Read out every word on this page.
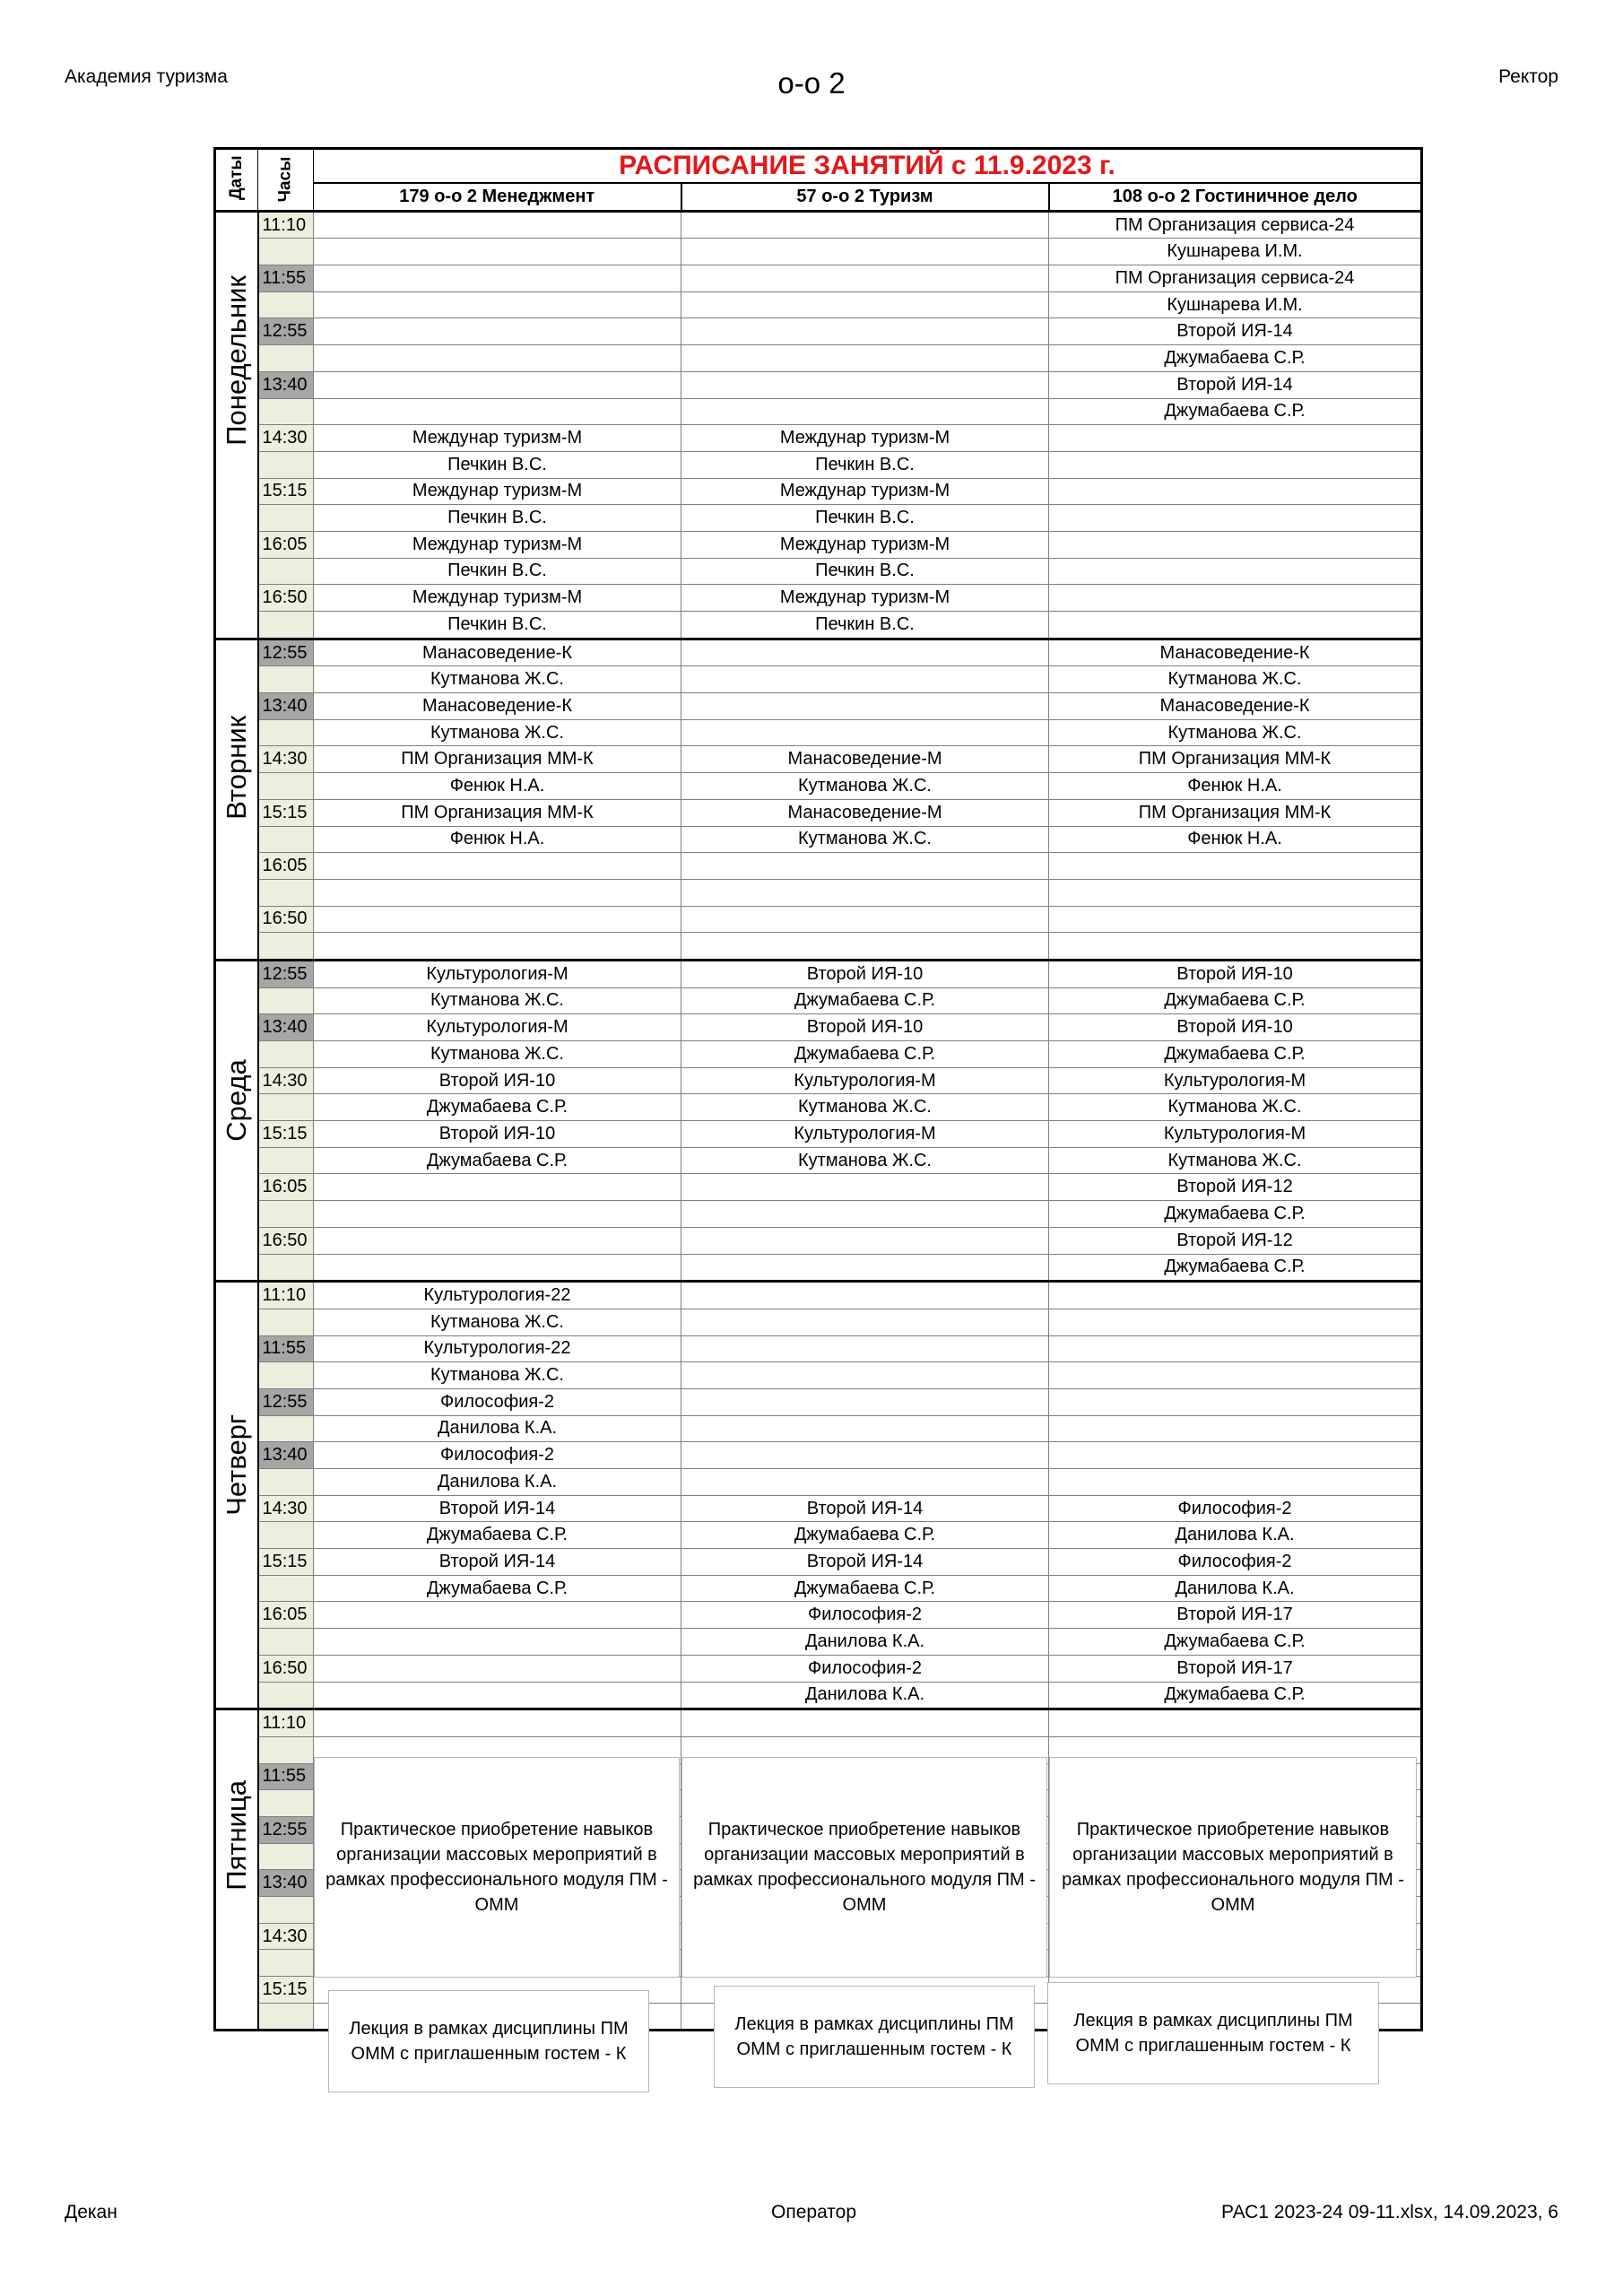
Академия туризма	о-о 2	Ректор
Даты	Часы	РАСПИСАНИЕ ЗАНЯТИЙ с 11.9.2023 г.		
		179 о-о 2 Менеджмент	57 о-о 2 Туризм	108 о-о 2 Гостиничное дело

Понедельник	11:10			ПМ Организация сервиса-24
				Кушнарева И.М.
	11:55			ПМ Организация сервиса-24
				Кушнарева И.М.
	12:55			Второй ИЯ-14
				Джумабаева С.Р.
	13:40			Второй ИЯ-14
				Джумабаева С.Р.
	14:30	Междунар туризм-М	Междунар туризм-М	
		Печкин В.С.	Печкин В.С.	
	15:15	Междунар туризм-М	Междунар туризм-М	
		Печкин В.С.	Печкин В.С.	
	16:05	Междунар туризм-М	Междунар туризм-М	
		Печкин В.С.	Печкин В.С.	
	16:50	Междунар туризм-М	Междунар туризм-М	
		Печкин В.С.	Печкин В.С.	

Вторник	12:55	Манасоведение-К		Манасоведение-К
		Кутманова Ж.С.		Кутманова Ж.С.
	13:40	Манасоведение-К		Манасоведение-К
		Кутманова Ж.С.		Кутманова Ж.С.
	14:30	ПМ Организация ММ-К	Манасоведение-М	ПМ Организация ММ-К
		Фенюк Н.А.	Кутманова Ж.С.	Фенюк Н.А.
	15:15	ПМ Организация ММ-К	Манасоведение-М	ПМ Организация ММ-К
		Фенюк Н.А.	Кутманова Ж.С.	Фенюк Н.А.
	16:05			

	16:50			

Среда	12:55	Культурология-М	Второй ИЯ-10	Второй ИЯ-10
		Кутманова Ж.С.	Джумабаева С.Р.	Джумабаева С.Р.
	13:40	Культурология-М	Второй ИЯ-10	Второй ИЯ-10
		Кутманова Ж.С.	Джумабаева С.Р.	Джумабаева С.Р.
	14:30	Второй ИЯ-10	Культурология-М	Культурология-М
		Джумабаева С.Р.	Кутманова Ж.С.	Кутманова Ж.С.
	15:15	Второй ИЯ-10	Культурология-М	Культурология-М
		Джумабаева С.Р.	Кутманова Ж.С.	Кутманова Ж.С.
	16:05			Второй ИЯ-12
				Джумабаева С.Р.
	16:50			Второй ИЯ-12
				Джумабаева С.Р.

Четверг	11:10	Культурология-22		
		Кутманова Ж.С.		
	11:55	Культурология-22		
		Кутманова Ж.С.		
	12:55	Философия-2		
		Данилова К.А.		
	13:40	Философия-2		
		Данилова К.А.		
	14:30	Второй ИЯ-14	Второй ИЯ-14	Философия-2
		Джумабаева С.Р.	Джумабаева С.Р.	Данилова К.А.
	15:15	Второй ИЯ-14	Второй ИЯ-14	Философия-2
		Джумабаева С.Р.	Джумабаева С.Р.	Данилова К.А.
	16:05		Философия-2	Второй ИЯ-17
			Данилова К.А.	Джумабаева С.Р.
	16:50		Философия-2	Второй ИЯ-17
			Данилова К.А.	Джумабаева С.Р.

Пятница	11:10			

	11:55			

	12:55			

	13:40			

	14:30			

	15:15			

Практическое приобретение навыков организации массовых мероприятий в рамках профессионального модуля ПМ - ОММ
Практическое приобретение навыков организации массовых мероприятий в рамках профессионального модуля ПМ - ОММ
Практическое приобретение навыков организации массовых мероприятий в рамках профессионального модуля ПМ - ОММ
Лекция в рамках дисциплины ПМ ОММ с приглашенным гостем - К
Лекция в рамках дисциплины ПМ ОММ с приглашенным гостем - К
Лекция в рамках дисциплины ПМ ОММ с приглашенным гостем - К
Декан	Оператор	РАС1 2023-24 09-11.xlsx, 14.09.2023, 6
